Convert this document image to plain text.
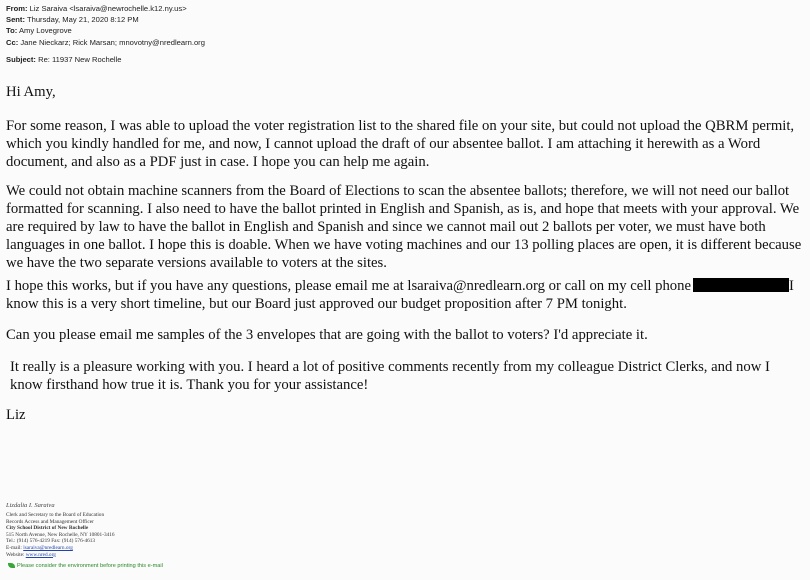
From: Liz Saraiva <lsaraiva@newrochelle.k12.ny.us>
Sent: Thursday, May 21, 2020 8:12 PM
To: Amy Lovegrove
Cc: Jane Nieckarz; Rick Marsan; mnovotny@nredlearn.org
Subject: Re: 11937 New Rochelle

Hi Amy,

For some reason, I was able to upload the voter registration list to the shared file on your site, but could not upload the QBRM permit, which you kindly handled for me, and now, I cannot upload the draft of our absentee ballot. I am attaching it herewith as a Word document, and also as a PDF just in case. I hope you can help me again.

We could not obtain machine scanners from the Board of Elections to scan the absentee ballots; therefore, we will not need our ballot formatted for scanning. I also need to have the ballot printed in English and Spanish, as is, and hope that meets with your approval. We are required by law to have the ballot in English and Spanish and since we cannot mail out 2 ballots per voter, we must have both languages in one ballot. I hope this is doable. When we have voting machines and our 13 polling places are open, it is different because we have the two separate versions available to voters at the sites.

I hope this works, but if you have any questions, please email me at lsaraiva@nredlearn.org or call on my cell phone	I know this is a very short timeline, but our Board just approved our budget proposition after 7 PM tonight.

Can you please email me samples of the 3 envelopes that are going with the ballot to voters? I'd appreciate it.

It really is a pleasure working with you. I heard a lot of positive comments recently from my colleague District Clerks, and now I know firsthand how true it is. Thank you for your assistance!

Liz

Lizdalia I. Saraiva
Clerk and Secretary to the Board of Education
Records Access and Management Officer
City School District of New Rochelle
515 North Avenue, New Rochelle, NY 10801-3416
Tel.: (914) 576-4219 Fax: (914) 576-4613
E-mail: lsaraiva@nredlearn.org
Website: www.nred.org
Please consider the environment before printing this e-mail
